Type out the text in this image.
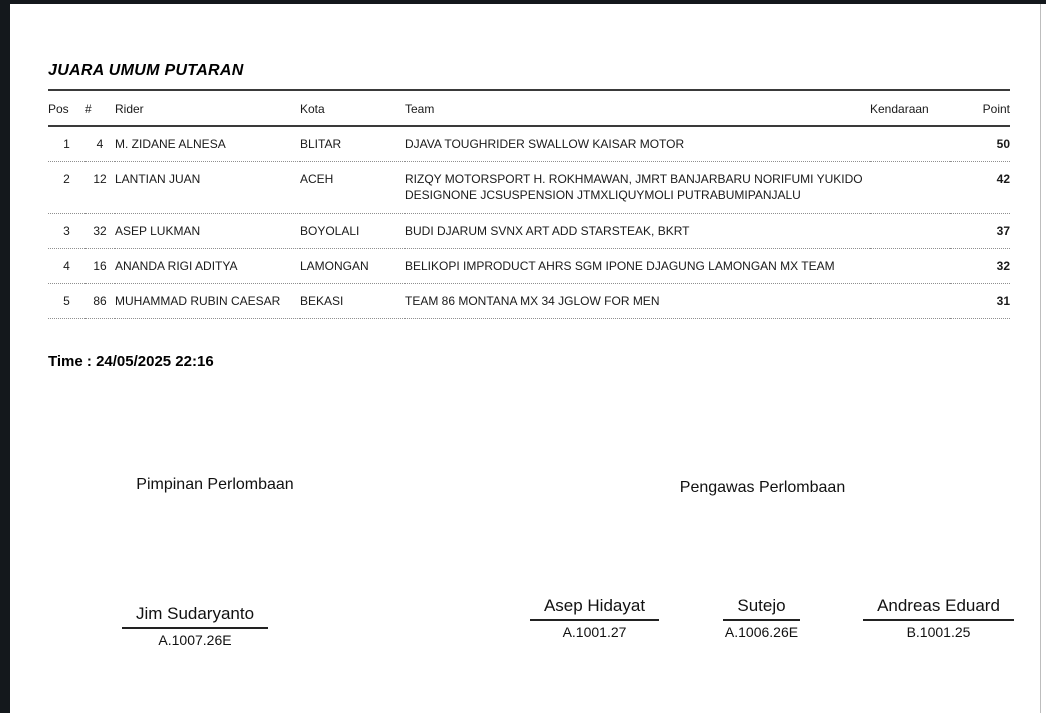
JUARA UMUM PUTARAN
Pos	#	Rider	Kota	Team	Kendaraan	Point
1	4	M. ZIDANE ALNESA	BLITAR	DJAVA TOUGHRIDER SWALLOW KAISAR MOTOR		50
2	12	LANTIAN JUAN	ACEH	RIZQY MOTORSPORT H. ROKHMAWAN, JMRT BANJARBARU NORIFUMI YUKIDO DESIGNONE JCSUSPENSION JTMXLIQUYMOLI PUTRABUMIPANJALU		42
3	32	ASEP LUKMAN	BOYOLALI	BUDI DJARUM SVNX ART ADD STARSTEAK, BKRT		37
4	16	ANANDA RIGI ADITYA	LAMONGAN	BELIKOPI IMPRODUCT AHRS SGM IPONE DJAGUNG LAMONGAN MX TEAM		32
5	86	MUHAMMAD RUBIN CAESAR	BEKASI	TEAM 86 MONTANA MX 34 JGLOW FOR MEN		31
Time : 24/05/2025 22:16
Pimpinan Perlombaan	Pengawas Perlombaan
Jim Sudaryanto
A.1007.26E
Asep Hidayat
A.1001.27
Sutejo
A.1006.26E
Andreas Eduard
B.1001.25
